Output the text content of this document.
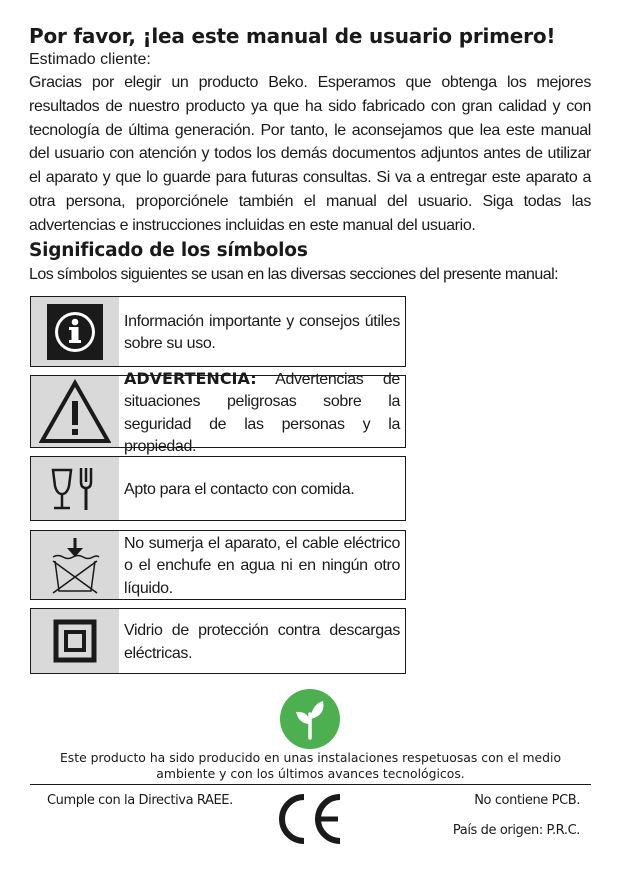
Por favor, ¡lea este manual de usuario primero!
Estimado cliente:
Gracias por elegir un producto Beko. Esperamos que obtenga los mejores resultados de nuestro producto ya que ha sido fabricado con gran calidad y con tecnología de última generación. Por tanto, le aconsejamos que lea este manual del usuario con atención y todos los demás documentos adjuntos antes de utilizar el aparato y que lo guarde para futuras consultas. Si va a entregar este aparato a otra persona, proporciónele también el manual del usuario. Siga todas las advertencias e instrucciones incluidas en este manual del usuario.
Significado de los símbolos
Los símbolos siguientes se usan en las diversas secciones del presente manual:
Información importante y consejos útiles sobre su uso.
ADVERTENCIA: Advertencias de situaciones peligrosas sobre la seguridad de las personas y la propiedad.
Apto para el contacto con comida.
No sumerja el aparato, el cable eléctrico o el enchufe en agua ni en ningún otro líquido.
Vidrio de protección contra descargas eléctricas.
Este producto ha sido producido en unas instalaciones respetuosas con el medio ambiente y con los últimos avances tecnológicos.
Cumple con la Directiva RAEE.	No contiene PCB.
País de origen: P.R.C.
